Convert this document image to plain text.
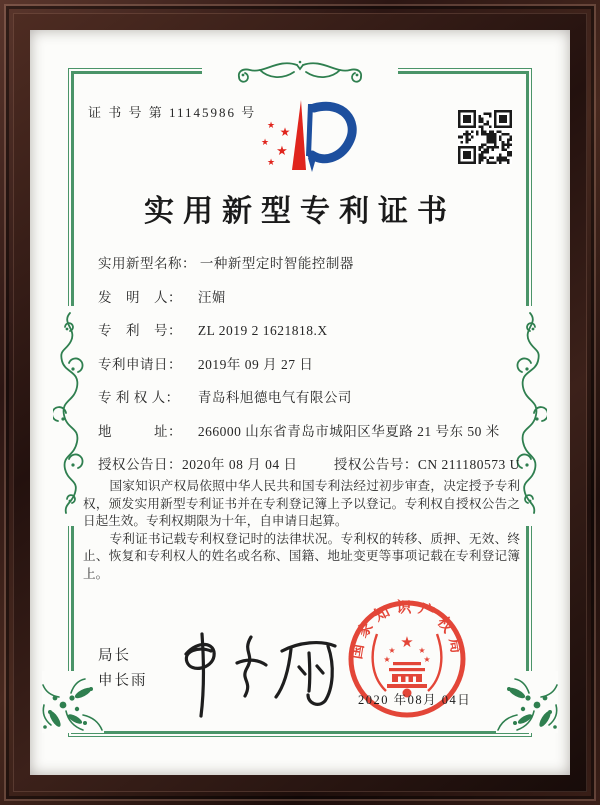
证 书 号 第 11145986 号
★ ★
★
★
★
实用新型专利证书
实用新型名称： 一种新型定时智能控制器
发　明　人： 汪媚
专　利　号： ZL 2019 2 1621818.X
专利申请日： 2019年 09 月 27 日
专 利 权 人： 青岛科旭德电气有限公司
地　　　址： 266000 山东省青岛市城阳区华夏路 21 号东 50 米
授权公告日：2020年 08 月 04 日	授权公告号：CN 211180573 U

国家知识产权局依照中华人民共和国专利法经过初步审查，决定授予专利权，颁发实用新型专利证书并在专利登记簿上予以登记。专利权自授权公告之日起生效。专利权期限为十年，自申请日起算。

专利证书记载专利权登记时的法律状况。专利权的转移、质押、无效、终止、恢复和专利权人的姓名或名称、国籍、地址变更等事项记载在专利登记簿上。

局长
申长雨
国家知识产权局
★
★	★
★	★
2020 年08月 04日
